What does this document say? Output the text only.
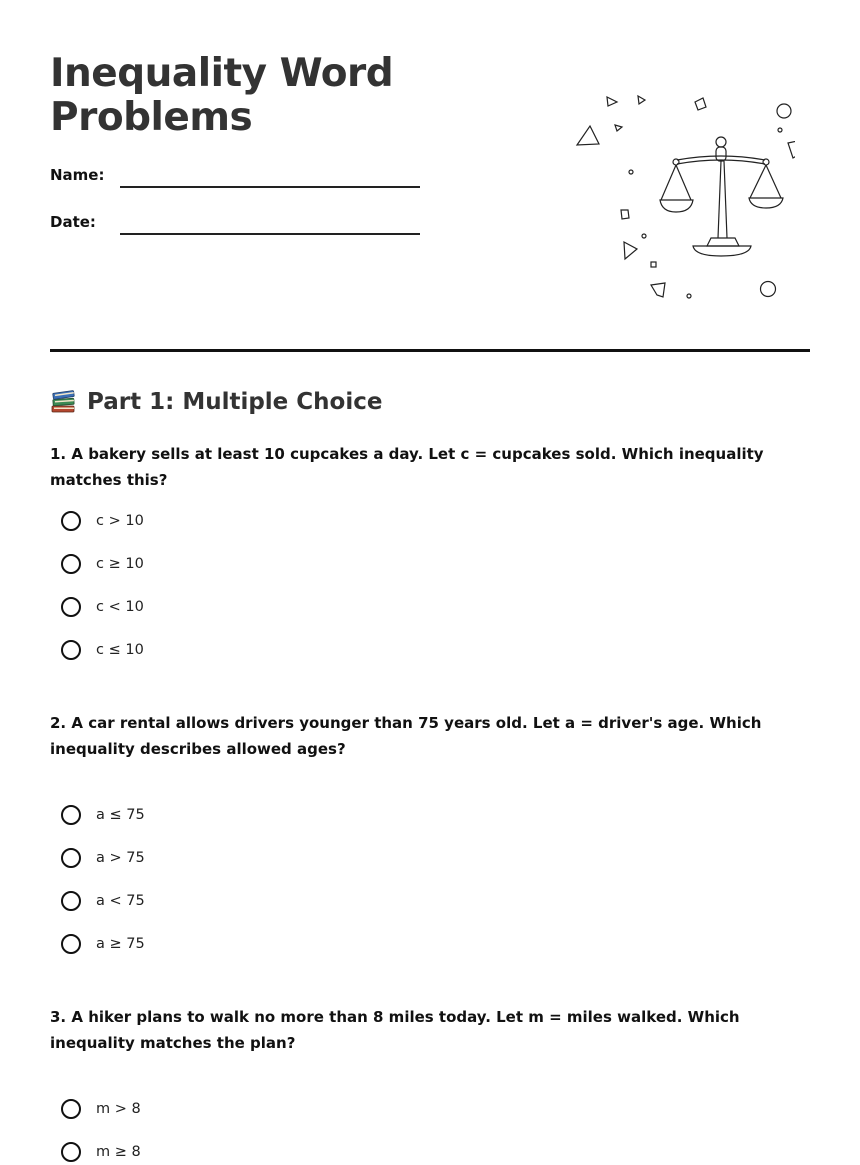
Inequality Word Problems
Name:
Date:
Part 1: Multiple Choice
1. A bakery sells at least 10 cupcakes a day. Let c = cupcakes sold. Which inequality matches this?
c > 10
c ≥ 10
c < 10
c ≤ 10
2. A car rental allows drivers younger than 75 years old. Let a = driver's age. Which inequality describes allowed ages?
a ≤ 75
a > 75
a < 75
a ≥ 75
3. A hiker plans to walk no more than 8 miles today. Let m = miles walked. Which inequality matches the plan?
m > 8
m ≥ 8
